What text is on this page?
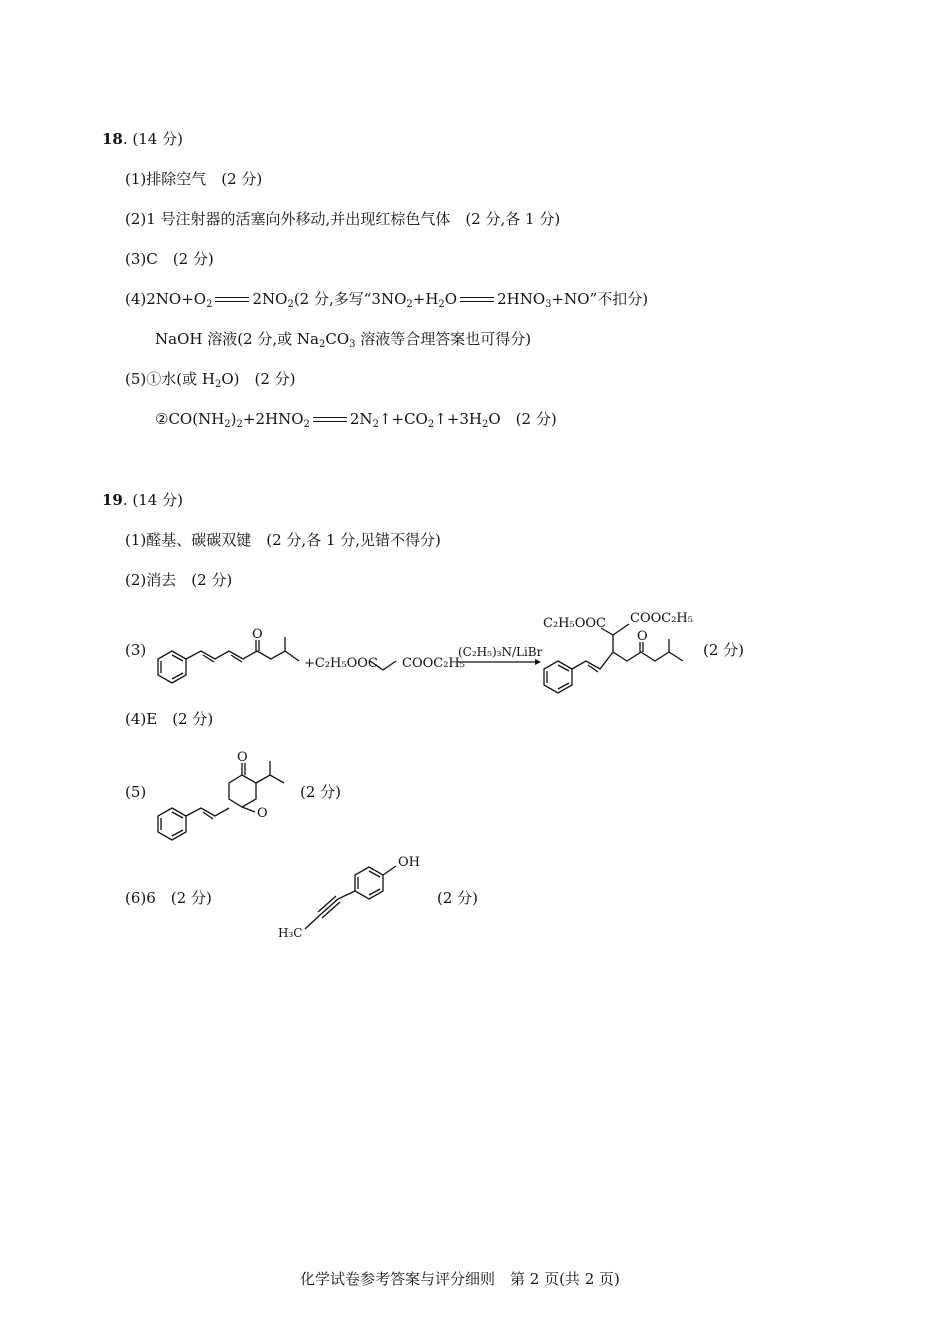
18. (14 分)
(1)排除空气　(2 分)
(2)1 号注射器的活塞向外移动,并出现红棕色气体　(2 分,各 1 分)
(3)C　(2 分)
$(4)2NO+O_2$	$2NO_2(2$ 分,多写“$3NO_2+H_2O$	$2HNO_3+NO$”不扣分)
NaOH 溶液(2 分,或 $Na_2CO_3$ 溶液等合理答案也可得分)
(5)①水(或 $H_2O$)　(2 分)
$②CO(NH_2)_2+2HNO_2$	$2N_2↑+CO_2↑+3H_2O$　(2 分)
19. (14 分)
(1)醛基、碳碳双键　(2 分,各 1 分,见错不得分)
(2)消去　(2 分)
(3)	(2 分)
O
+C₂H₅OOC COOC₂H₅
(C₂H₅)₃N/LiBr
C₂H₅OOC COOC₂H₅
O
O
O
H₃C
OH
(4)E　(2 分)
(5)	(2 分)
(6)6　(2 分)	(2 分)
化学试卷参考答案与评分细则　第 2 页(共 2 页)
